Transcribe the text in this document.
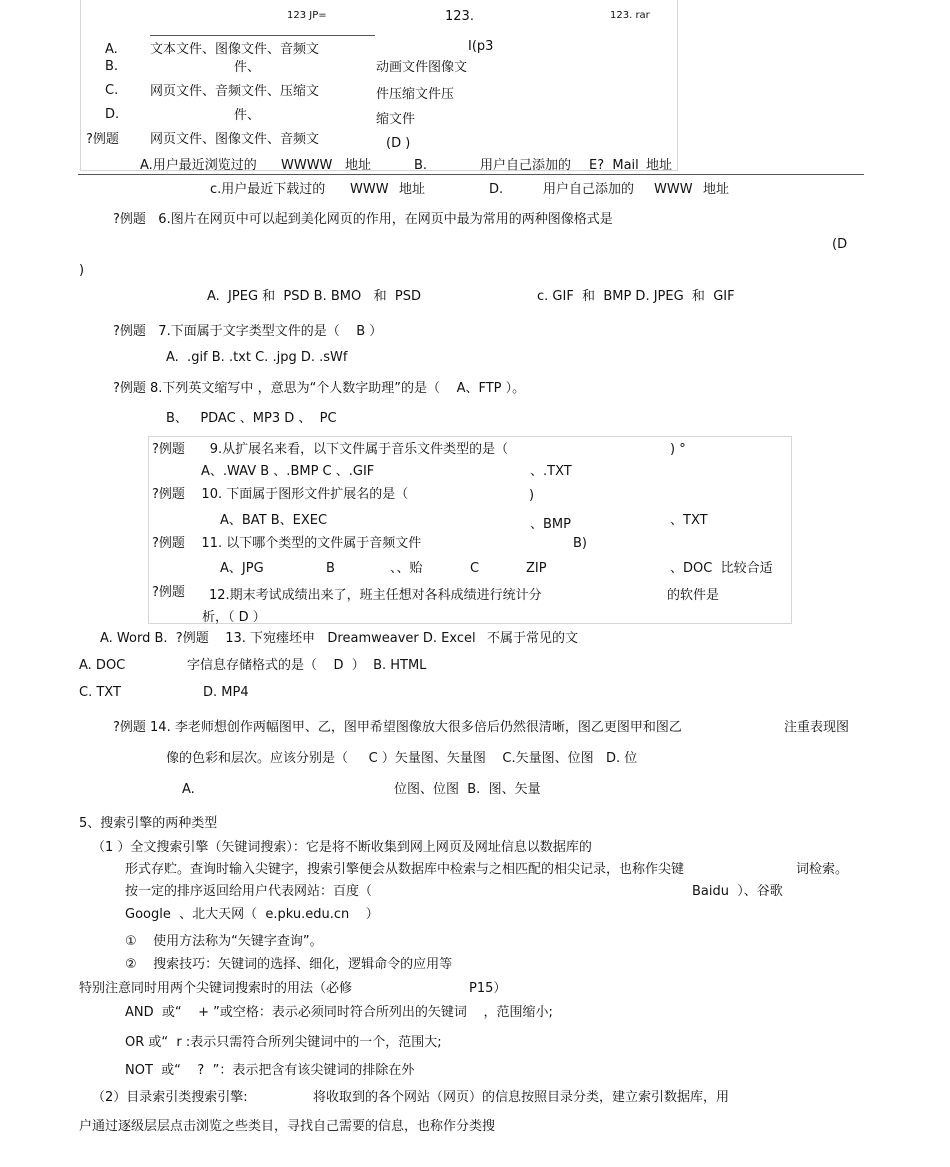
123 JP=	123.	123. rar
I(p3
A. 文本文件、图像文件、音频文
B.	件、	动画文件图像文
C. 网页文件、音频文件、压缩文	件压缩文件压
D.	件、	缩文件
?例题 网页文件、图像文件、音频文	(D )
A.用户最近浏览过的 WWWW 地址	B.	用户自己添加的 E?  Mail 地址
c.用户最近下载过的 WWW 地址	D.	用户自己添加的 WWW 地址
?例题   6.图片在网页中可以起到美化网页的作用，在网页中最为常用的两种图像格式是
(D
)
A.  JPEG 和  PSD B. BMO   和  PSD	c. GIF  和  BMP D. JPEG  和  GIF
?例题   7.下面属于文字类型文件的是（    B ）
A.  .gif B. .txt C. .jpg D. .sWf
?例题 8.下列英文缩写中 ，意思为“个人数字助理”的是（    A、FTP ）。
B、   PDAC 、MP3 D 、  PC
?例题      9.从扩展名来看，以下文件属于音乐文件类型的是（	) °
A、.WAV B 、.BMP C 、.GIF	、.TXT
?例题    10. 下面属于图形文件扩展名的是（	)
A、BAT B、EXEC	、BMP	、TXT
?例题    11. 以下哪个类型的文件属于音频文件	B)
A、JPG	B	、、贻	C	ZIP	、DOC  比较合适
?例题 12.期末考试成绩出来了，班主任想对各科成绩进行统计分	的软件是
析，（ D ）
A. Word B.  ?例题    13. 下宛瘗坯申   Dreamweaver D. Excel 不属于常见的文
A. DOC	字信息存储格式的是（    D  ）  B. HTML
C. TXT	D. MP4
?例题 14. 李老师想创作两幅图甲、乙，图甲希望图像放大很多倍后仍然很清晰，图乙更图甲和图乙	注重表现图
像的色彩和层次。应该分别是（     C ）矢量图、矢量图    C.矢量图、位图   D. 位
A.	位图、位图  B.  图、矢量
5、搜索引擎的两种类型
（1 ）全文搜索引擎（矢键词搜索）：它是将不断收集到网上网页及网址信息以数据库的
形式存贮。查询时输入尖键字，搜索引擎便会从数据库中检索与之相匹配的相尖记录，也称作尖键	词检索。
按一定的排序返回给用户代表网站：百度（	Baidu  ）、谷歌
Google  、北大天网（  e.pku.edu.cn    ）
①    使用方法称为“矢键字查询”。
②    搜索技巧：矢键词的选择、细化，逻辑命令的应用等
特别注意同时用两个尖键词搜索时的用法（必修	P15）
AND  或“    + ”或空格：表示必须同时符合所列出的矢键词    ，范围缩小;
OR 或“  r :表示只需符合所列尖键词中的一个，范围大;
NOT  或“    ?  ”：表示把含有该尖键词的排除在外
（2）目录索引类搜索引擎:	将收取到的各个网站（网页）的信息按照目录分类，建立索引数据库，用
户通过逐级层层点击浏览之些类目，寻找自己需要的信息，也称作分类搜
